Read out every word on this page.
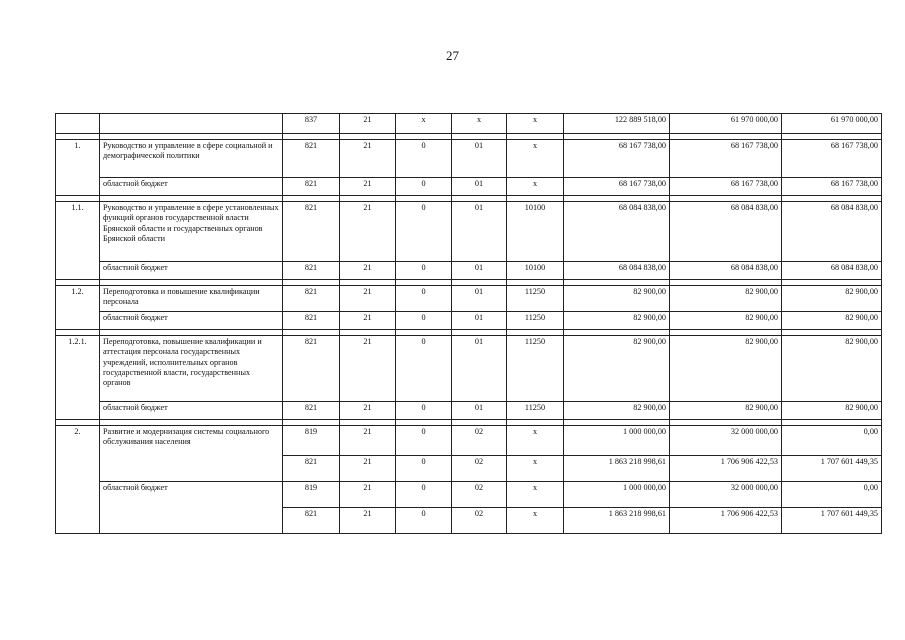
27
		837	21	х	х	х	122 889 518,00	61 970 000,00	61 970 000,00

1.	Руководство и управление в сфере социальной и демографической политики	821	21	0	01	х	68 167 738,00	68 167 738,00	68 167 738,00
	областной бюджет	821	21	0	01	х	68 167 738,00	68 167 738,00	68 167 738,00

1.1.	Руководство и управление в сфере установленных функций органов государственной власти Брянской области и государственных органов Брянской области	821	21	0	01	10100	68 084 838,00	68 084 838,00	68 084 838,00
	областной бюджет	821	21	0	01	10100	68 084 838,00	68 084 838,00	68 084 838,00

1.2.	Переподготовка и повышение квалификации персонала	821	21	0	01	11250	82 900,00	82 900,00	82 900,00
	областной бюджет	821	21	0	01	11250	82 900,00	82 900,00	82 900,00

1.2.1.	Переподготовка, повышение квалификации и аттестация персонала государственных учреждений, исполнительных органов государственной власти, государственных органов	821	21	0	01	11250	82 900,00	82 900,00	82 900,00
	областной бюджет	821	21	0	01	11250	82 900,00	82 900,00	82 900,00

2.	Развитие и модернизация системы социального обслуживания населения	819	21	0	02	х	1 000 000,00	32 000 000,00	0,00
		821	21	0	02	х	1 863 218 998,61	1 706 906 422,53	1 707 601 449,35
	областной бюджет	819	21	0	02	х	1 000 000,00	32 000 000,00	0,00
		821	21	0	02	х	1 863 218 998,61	1 706 906 422,53	1 707 601 449,35
